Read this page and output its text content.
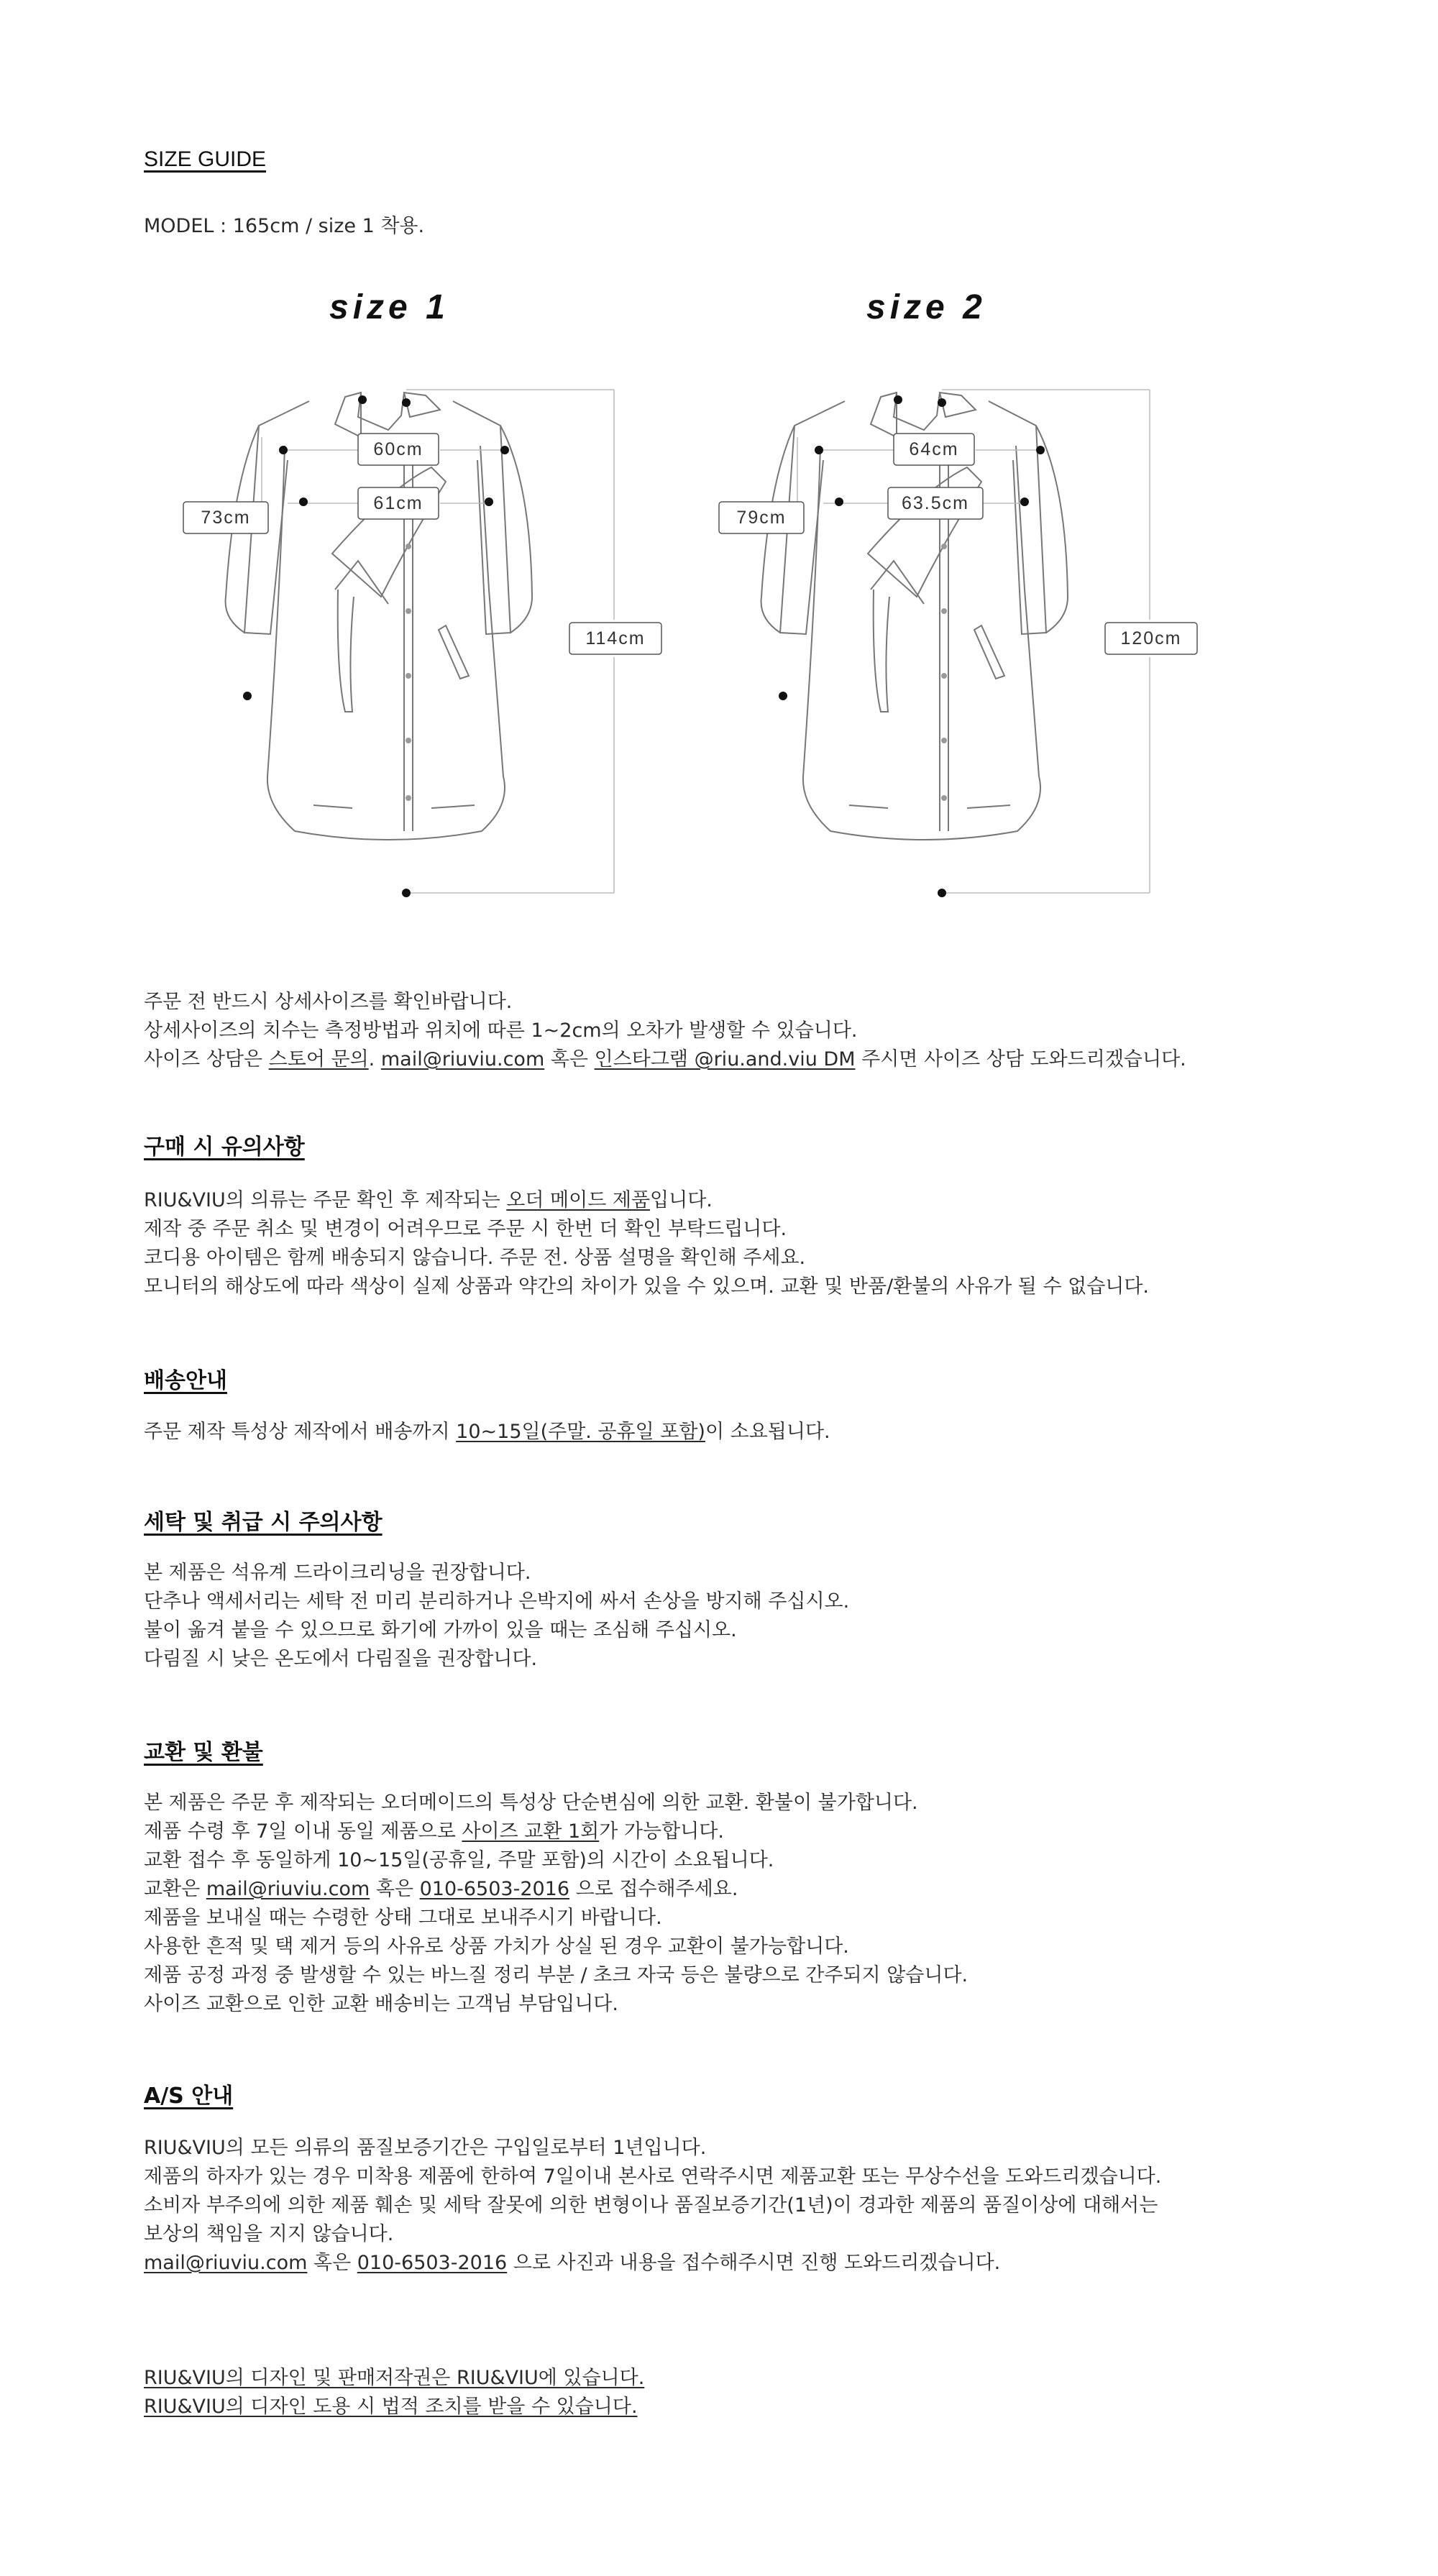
SIZE GUIDE
MODEL : 165cm / size 1 착용.
size 1
60cm
61cm
73cm
114cm
size 2
64cm
63.5cm
79cm
120cm
주문 전 반드시 상세사이즈를 확인바랍니다.
상세사이즈의 치수는 측정방법과 위치에 따른 1~2cm의 오차가 발생할 수 있습니다.
사이즈 상담은 스토어 문의. mail@riuviu.com 혹은 인스타그램 @riu.and.viu DM 주시면 사이즈 상담 도와드리겠습니다.
구매 시 유의사항
RIU&VIU의 의류는 주문 확인 후 제작되는 오더 메이드 제품입니다.
제작 중 주문 취소 및 변경이 어려우므로 주문 시 한번 더 확인 부탁드립니다.
코디용 아이템은 함께 배송되지 않습니다. 주문 전. 상품 설명을 확인해 주세요.
모니터의 해상도에 따라 색상이 실제 상품과 약간의 차이가 있을 수 있으며. 교환 및 반품/환불의 사유가 될 수 없습니다.
배송안내
주문 제작 특성상 제작에서 배송까지 10~15일(주말. 공휴일 포함)이 소요됩니다.
세탁 및 취급 시 주의사항
본 제품은 석유계 드라이크리닝을 권장합니다.
단추나 액세서리는 세탁 전 미리 분리하거나 은박지에 싸서 손상을 방지해 주십시오.
불이 옮겨 붙을 수 있으므로 화기에 가까이 있을 때는 조심해 주십시오.
다림질 시 낮은 온도에서 다림질을 권장합니다.
교환 및 환불
본 제품은 주문 후 제작되는 오더메이드의 특성상 단순변심에 의한 교환. 환불이 불가합니다.
제품 수령 후 7일 이내 동일 제품으로 사이즈 교환 1회가 가능합니다.
교환 접수 후 동일하게 10~15일(공휴일, 주말 포함)의 시간이 소요됩니다.
교환은 mail@riuviu.com 혹은 010-6503-2016 으로 접수해주세요.
제품을 보내실 때는 수령한 상태 그대로 보내주시기 바랍니다.
사용한 흔적 및 택 제거 등의 사유로 상품 가치가 상실 된 경우 교환이 불가능합니다.
제품 공정 과정 중 발생할 수 있는 바느질 정리 부분 / 초크 자국 등은 불량으로 간주되지 않습니다.
사이즈 교환으로 인한 교환 배송비는 고객님 부담입니다.
A/S 안내
RIU&VIU의 모든 의류의 품질보증기간은 구입일로부터 1년입니다.
제품의 하자가 있는 경우 미착용 제품에 한하여 7일이내 본사로 연락주시면 제품교환 또는 무상수선을 도와드리겠습니다.
소비자 부주의에 의한 제품 훼손 및 세탁 잘못에 의한 변형이나 품질보증기간(1년)이 경과한 제품의 품질이상에 대해서는
보상의 책임을 지지 않습니다.
mail@riuviu.com 혹은 010-6503-2016 으로 사진과 내용을 접수해주시면 진행 도와드리겠습니다.
RIU&VIU의 디자인 및 판매저작권은 RIU&VIU에 있습니다.
RIU&VIU의 디자인 도용 시 법적 조치를 받을 수 있습니다.
